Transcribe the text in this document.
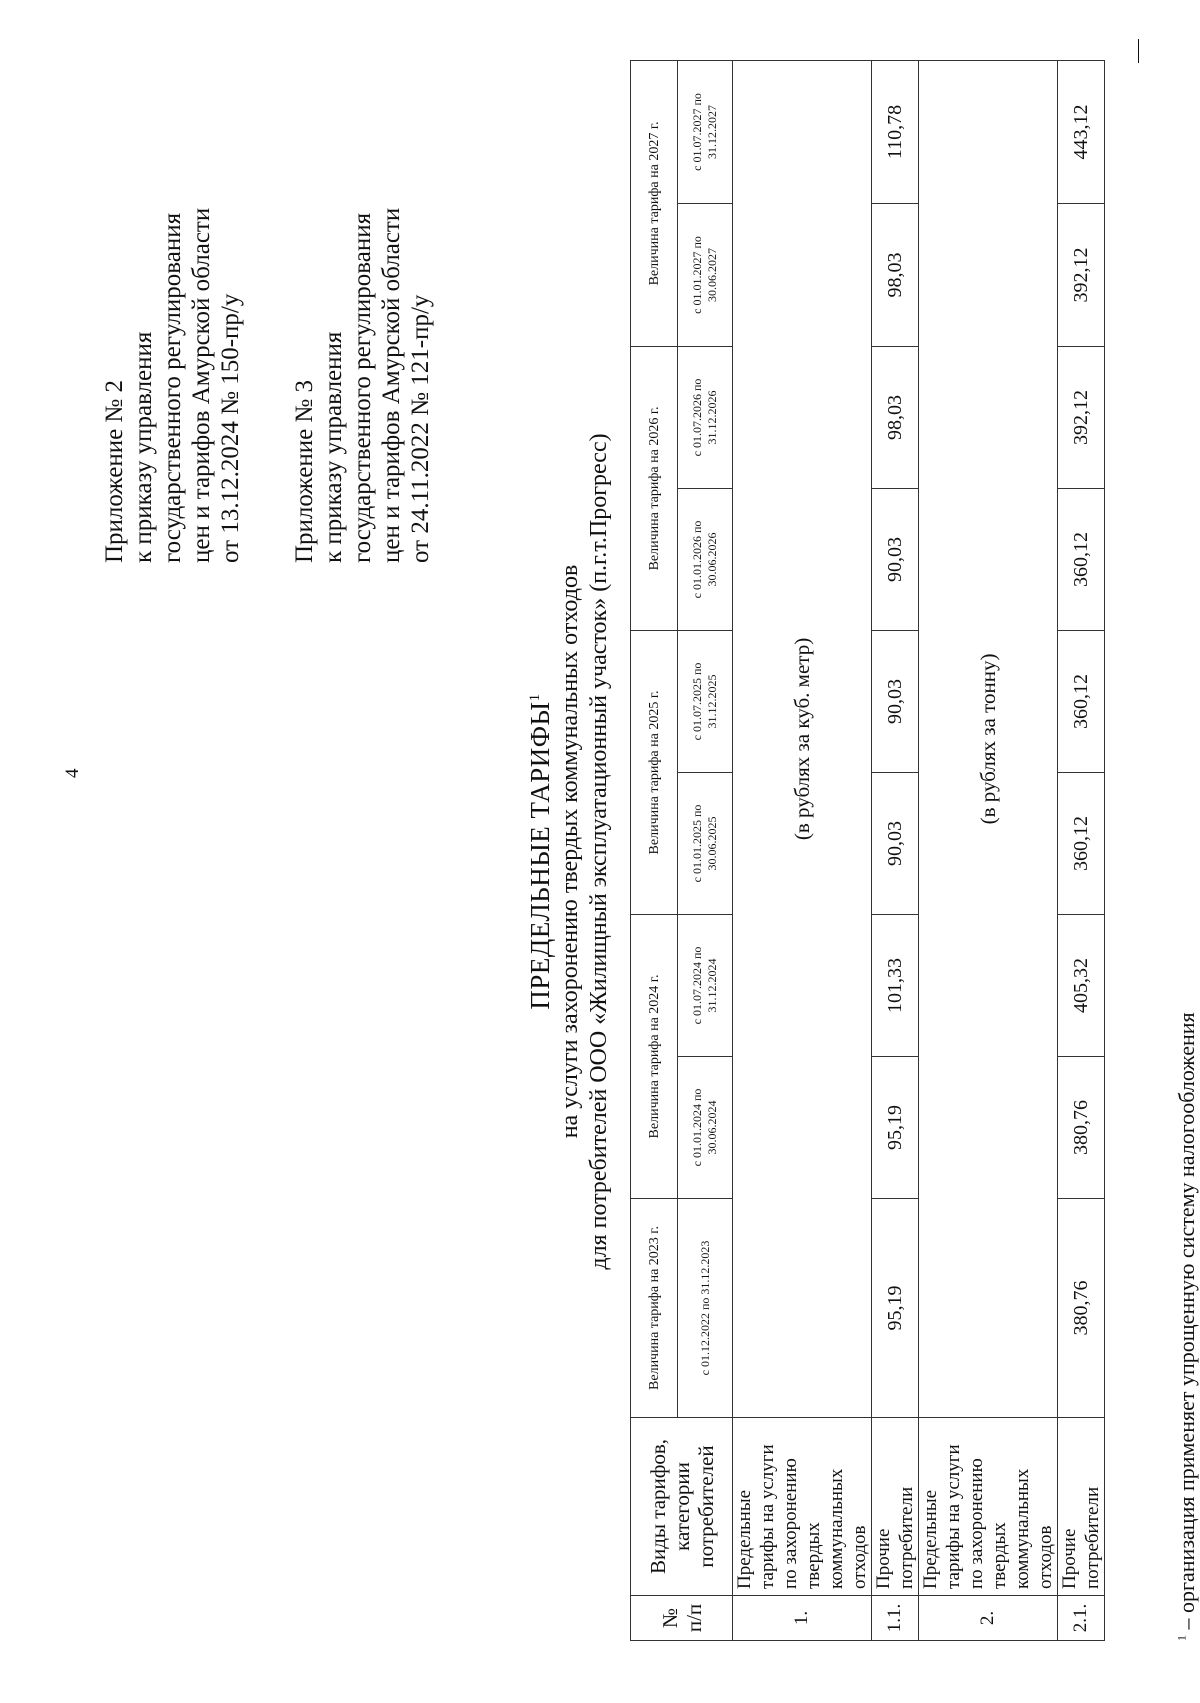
4
Приложение № 2 к приказу управления государственного регулирования цен и тарифов Амурской области от 13.12.2024 № 150-пр/у Приложение № 3 к приказу управления государственного регулирования цен и тарифов Амурской области от 24.11.2022 № 121-пр/у
ПРЕДЕЛЬНЫЕ ТАРИФЫ$^1$ на услуги захоронению твердых коммунальных отходов для потребителей ООО «Жилищный эксплуатационный участок» (п.г.т.Прогресс)
№ п/п	Виды тарифов, категории потребителей	Величина тарифа на 2023 г.	Величина тарифа на 2024 г.		Величина тарифа на 2025 г.		Величина тарифа на 2026 г.		Величина тарифа на 2027 г.	
		с 01.12.2022 по 31.12.2023	с 01.01.2024 по 30.06.2024	с 01.07.2024 по 31.12.2024	с 01.01.2025 по 30.06.2025	с 01.07.2025 по 31.12.2025	с 01.01.2026 по 30.06.2026	с 01.07.2026 по 31.12.2026	с 01.01.2027 по 30.06.2027	с 01.07.2027 по 31.12.2027
1.	Предельные тарифы на услуги по захоронению твердых коммунальных отходов	(в рублях за куб. метр)								
1.1.	Прочие потребители	95,19	95,19	101,33	90,03	90,03	90,03	98,03	98,03	110,78
2.	Предельные тарифы на услуги по захоронению твердых коммунальных отходов	(в рублях за тонну)								
2.1.	Прочие потребители	380,76	380,76	405,32	360,12	360,12	360,12	392,12	392,12	443,12
$^1$ – организация применяет упрощенную систему налогообложения
